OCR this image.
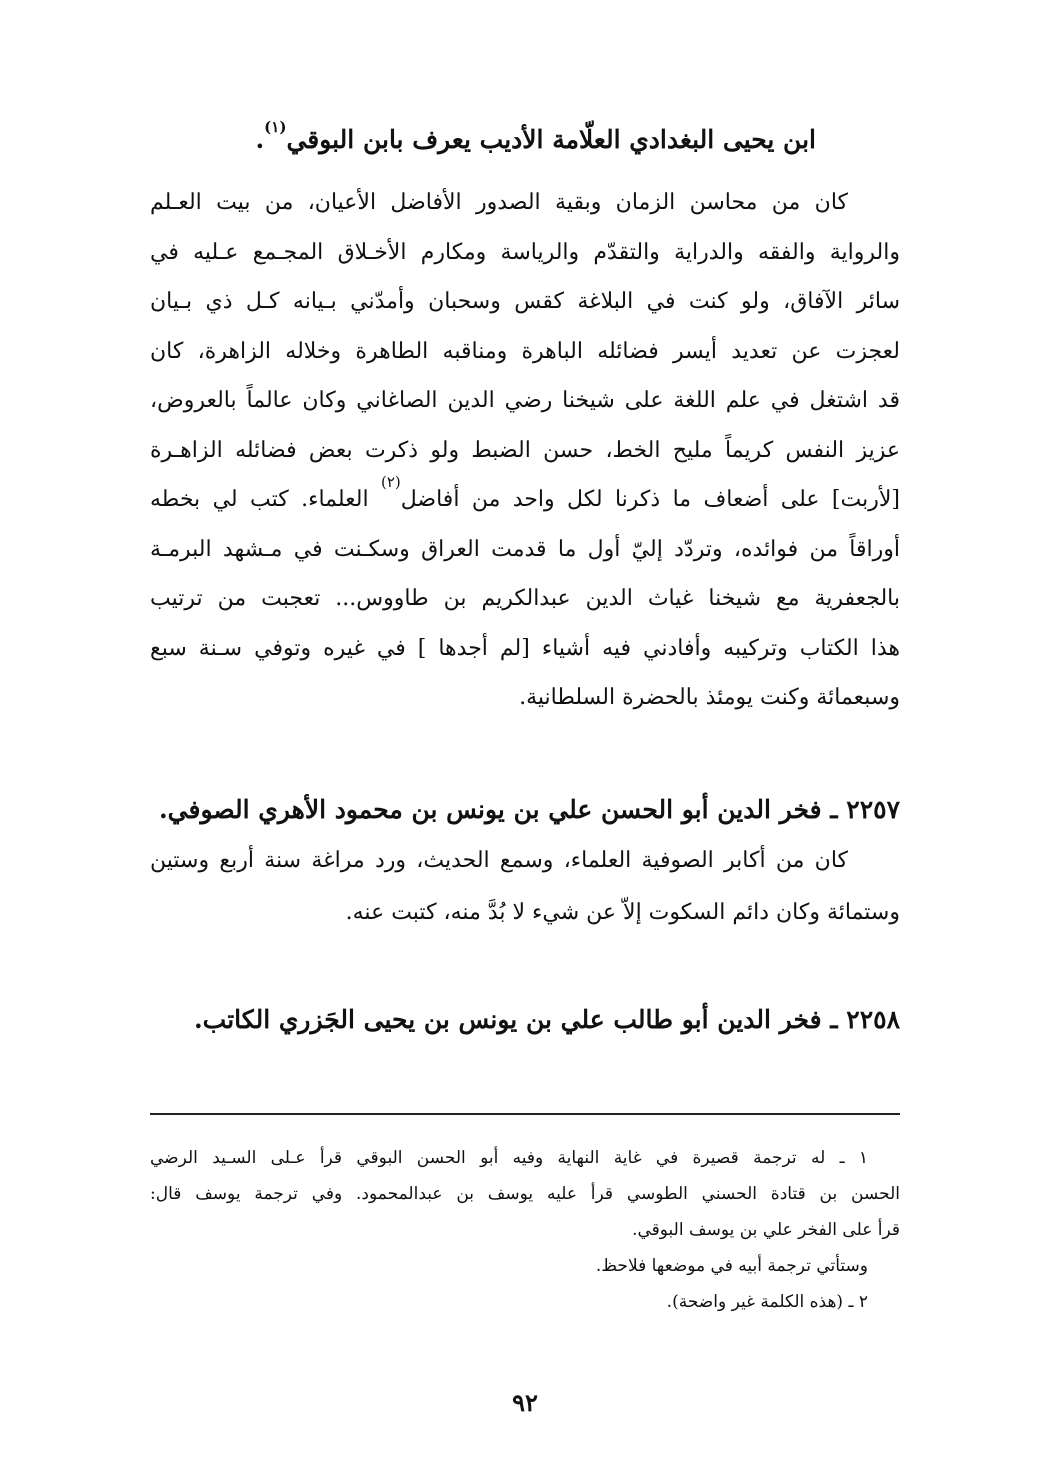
ابن يحيى البغدادي العلّامة الأديب يعرف بابن البوقي$^{(١)}$.
كان من محاسن الزمان وبقية الصدور الأفاضل الأعيان، من بيت العـلم
والرواية والفقه والدراية والتقدّم والرياسة ومكارم الأخـلاق المجـمع عـليه في
سائر الآفاق، ولو كنت في البلاغة كقس وسحبان وأمدّني بـيانه كـل ذي بـيان
لعجزت عن تعديد أيسر فضائله الباهرة ومناقبه الطاهرة وخلاله الزاهرة، كان
قد اشتغل في علم اللغة على شيخنا رضي الدين الصاغاني وكان عالماً بالعروض،
عزيز النفس كريماً مليح الخط، حسن الضبط ولو ذكرت بعض فضائله الزاهـرة
[لأربت] على أضعاف ما ذكرنا لكل واحد من أفاضل$^{(٢)}$ العلماء. كتب لي بخطه
أوراقاً من فوائده، وتردّد إليّ أول ما قدمت العراق وسكـنت في مـشهد البرمـة
بالجعفرية مع شيخنا غياث الدين عبدالكريم بن طاووس... تعجبت من ترتيب
هذا الكتاب وتركيبه وأفادني فيه أشياء [لم أجدها ] في غيره وتوفي سـنة سبع
وسبعمائة وكنت يومئذ بالحضرة السلطانية.
٢٢٥٧ ـ فخر الدين أبو الحسن علي بن يونس بن محمود الأهري الصوفي.
كان من أكابر الصوفية العلماء، وسمع الحديث، ورد مراغة سنة أربع وستين
وستمائة وكان دائم السكوت إلاّ عن شيء لا بُدَّ منه، كتبت عنه.
٢٢٥٨ ـ فخر الدين أبو طالب علي بن يونس بن يحيى الجَزري الكاتب.
١ ـ له ترجمة قصيرة في غاية النهاية وفيه أبو الحسن البوقي قرأ عـلى السـيد الرضي
الحسن بن قتادة الحسني الطوسي قرأ عليه يوسف بن عبدالمحمود. وفي ترجمة يوسف قال:
قرأ على الفخر علي بن يوسف البوقي.
وستأتي ترجمة أبيه في موضعها فلاحظ.
٢ ـ (هذه الكلمة غير واضحة).
٩٢
